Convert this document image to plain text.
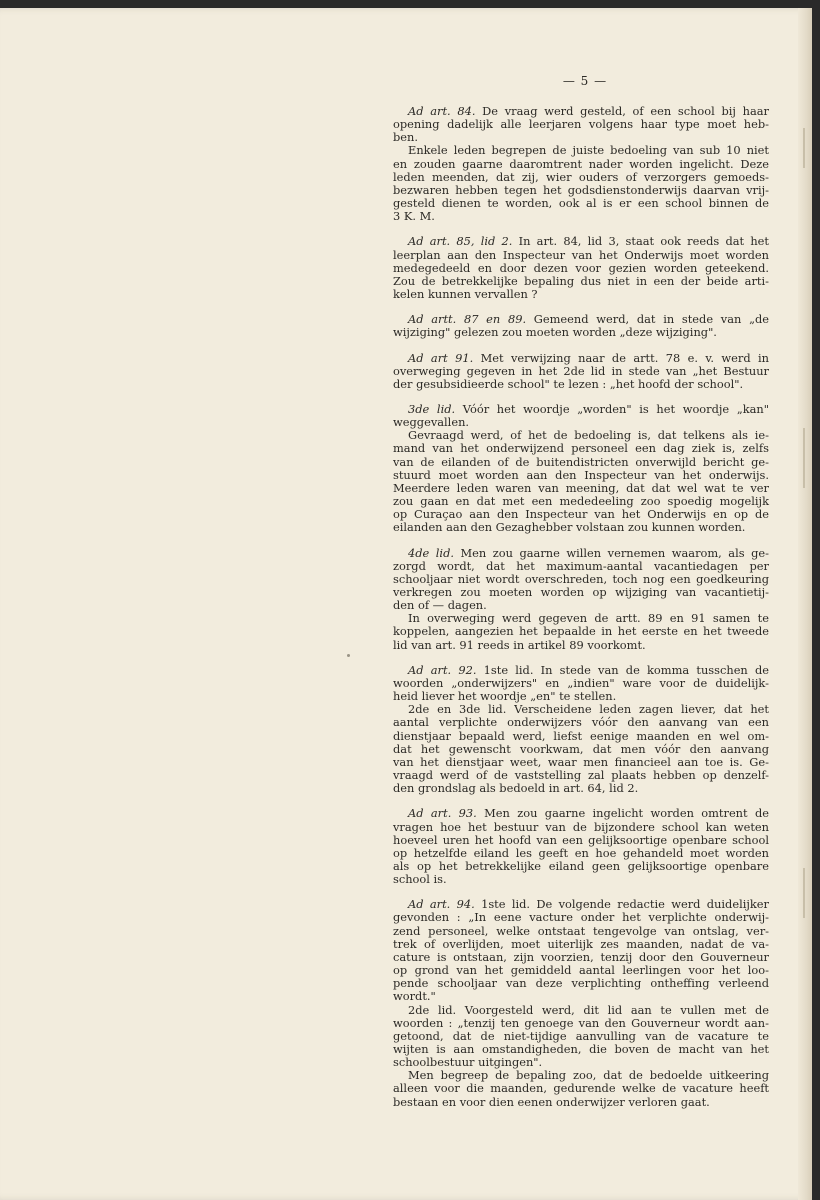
— 5 —
Ad art. 84. De vraag werd gesteld, of een school bij haar
opening dadelijk alle leerjaren volgens haar type moet heb-
ben.
Enkele leden begrepen de juiste bedoeling van sub 10 niet
en zouden gaarne daaromtrent nader worden ingelicht. Deze
leden meenden, dat zij, wier ouders of verzorgers gemoeds-
bezwaren hebben tegen het godsdienstonderwijs daarvan vrij-
gesteld dienen te worden, ook al is er een school binnen de
3 K. M.
Ad art. 85, lid 2. In art. 84, lid 3, staat ook reeds dat het
leerplan aan den Inspecteur van het Onderwijs moet worden
medegedeeld en door dezen voor gezien worden geteekend.
Zou de betrekkelijke bepaling dus niet in een der beide arti-
kelen kunnen vervallen ?
Ad artt. 87 en 89. Gemeend werd, dat in stede van „de
wijziging" gelezen zou moeten worden „deze wijziging".
Ad art 91. Met verwijzing naar de artt. 78 e. v. werd in
overweging gegeven in het 2de lid in stede van „het Bestuur
der gesubsidieerde school" te lezen : „het hoofd der school".
3de lid. Vóór het woordje „worden" is het woordje „kan"
weggevallen.
Gevraagd werd, of het de bedoeling is, dat telkens als ie-
mand van het onderwijzend personeel een dag ziek is, zelfs
van de eilanden of de buitendistricten onverwijld bericht ge-
stuurd moet worden aan den Inspecteur van het onderwijs.
Meerdere leden waren van meening, dat dat wel wat te ver
zou gaan en dat met een mededeeling zoo spoedig mogelijk
op Curaçao aan den Inspecteur van het Onderwijs en op de
eilanden aan den Gezaghebber volstaan zou kunnen worden.
4de lid. Men zou gaarne willen vernemen waarom, als ge-
zorgd wordt, dat het maximum-aantal vacantiedagen per
schooljaar niet wordt overschreden, toch nog een goedkeuring
verkregen zou moeten worden op wijziging van vacantietij-
den of — dagen.
In overweging werd gegeven de artt. 89 en 91 samen te
koppelen, aangezien het bepaalde in het eerste en het tweede
lid van art. 91 reeds in artikel 89 voorkomt.
Ad art. 92. 1ste lid. In stede van de komma tusschen de
woorden „onderwijzers" en „indien" ware voor de duidelijk-
heid liever het woordje „en" te stellen.
2de en 3de lid. Verscheidene leden zagen liever, dat het
aantal verplichte onderwijzers vóór den aanvang van een
dienstjaar bepaald werd, liefst eenige maanden en wel om-
dat het gewenscht voorkwam, dat men vóór den aanvang
van het dienstjaar weet, waar men financieel aan toe is. Ge-
vraagd werd of de vaststelling zal plaats hebben op denzelf-
den grondslag als bedoeld in art. 64, lid 2.
Ad art. 93. Men zou gaarne ingelicht worden omtrent de
vragen hoe het bestuur van de bijzondere school kan weten
hoeveel uren het hoofd van een gelijksoortige openbare school
op hetzelfde eiland les geeft en hoe gehandeld moet worden
als op het betrekkelijke eiland geen gelijksoortige openbare
school is.
Ad art. 94. 1ste lid. De volgende redactie werd duidelijker
gevonden : „In eene vacture onder het verplichte onderwij-
zend personeel, welke ontstaat tengevolge van ontslag, ver-
trek of overlijden, moet uiterlijk zes maanden, nadat de va-
cature is ontstaan, zijn voorzien, tenzij door den Gouverneur
op grond van het gemiddeld aantal leerlingen voor het loo-
pende schooljaar van deze verplichting ontheffing verleend
wordt."
2de lid. Voorgesteld werd, dit lid aan te vullen met de
woorden : „tenzij ten genoege van den Gouverneur wordt aan-
getoond, dat de niet-tijdige aanvulling van de vacature te
wijten is aan omstandigheden, die boven de macht van het
schoolbestuur uitgingen".
Men begreep de bepaling zoo, dat de bedoelde uitkeering
alleen voor die maanden, gedurende welke de vacature heeft
bestaan en voor dien eenen onderwijzer verloren gaat.
